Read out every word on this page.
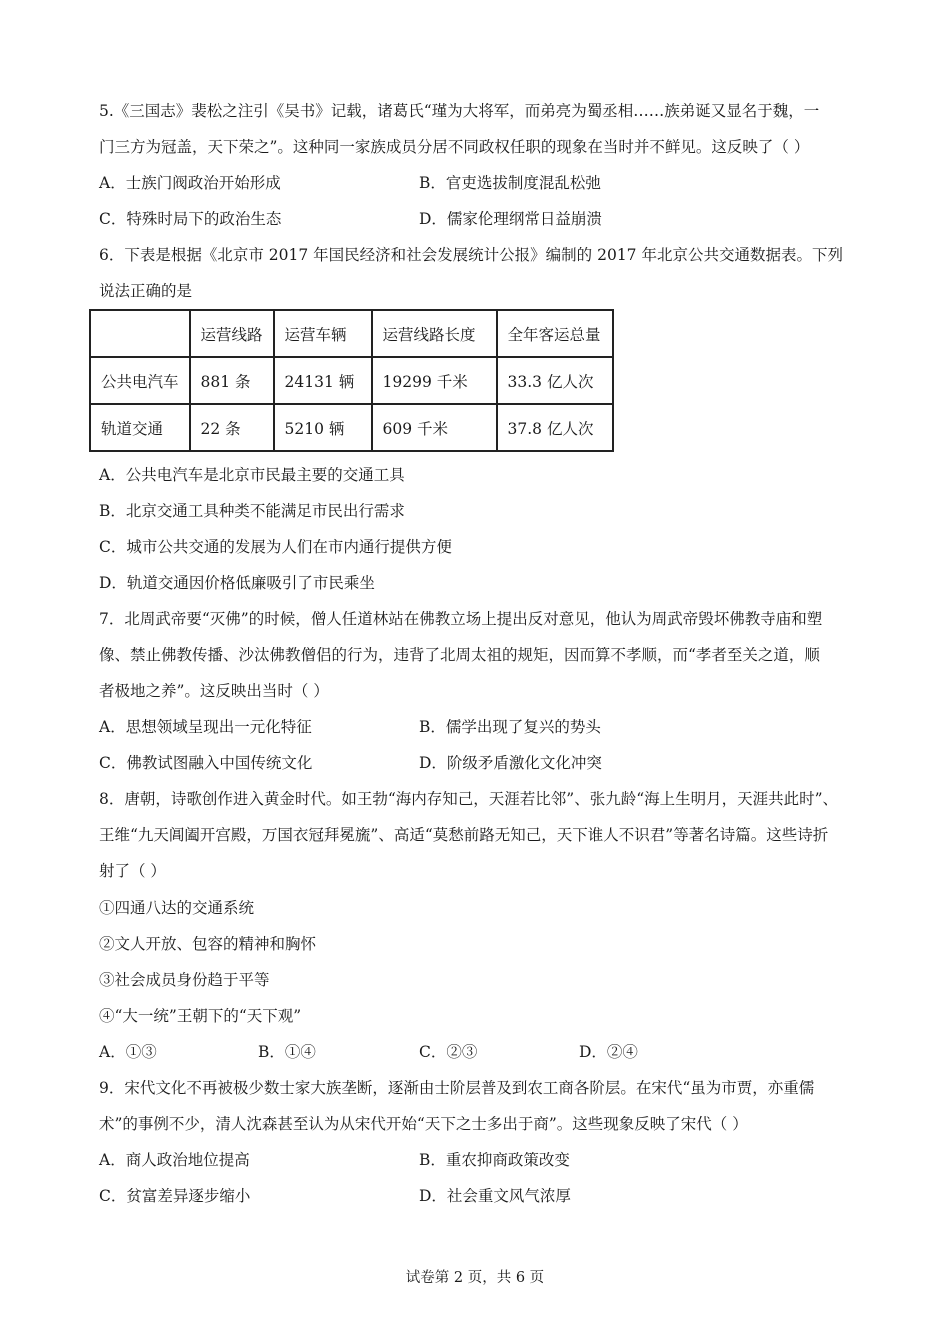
5.《三国志》裴松之注引《吴书》记载，诸葛氏“瑾为大将军，而弟亮为蜀丞相……族弟诞又显名于魏，一
门三方为冠盖，天下荣之”。这种同一家族成员分居不同政权任职的现象在当时并不鲜见。这反映了（ ）
A．士族门阀政治开始形成	B．官吏选拔制度混乱松弛
C．特殊时局下的政治生态	D．儒家伦理纲常日益崩溃
6．下表是根据《北京市 2017 年国民经济和社会发展统计公报》编制的 2017 年北京公共交通数据表。下列
说法正确的是
	运营线路	运营车辆	运营线路长度	全年客运总量
公共电汽车	881 条	24131 辆	19299 千米	33.3 亿人次
轨道交通	22 条	5210 辆	609 千米	37.8 亿人次
A．公共电汽车是北京市民最主要的交通工具
B．北京交通工具种类不能满足市民出行需求
C．城市公共交通的发展为人们在市内通行提供方便
D．轨道交通因价格低廉吸引了市民乘坐
7．北周武帝要“灭佛”的时候，僧人任道林站在佛教立场上提出反对意见，他认为周武帝毁坏佛教寺庙和塑
像、禁止佛教传播、沙汰佛教僧侣的行为，违背了北周太祖的规矩，因而算不孝顺，而“孝者至关之道，顺
者极地之养”。这反映出当时（ ）
A．思想领域呈现出一元化特征	B．儒学出现了复兴的势头
C．佛教试图融入中国传统文化	D．阶级矛盾激化文化冲突
8．唐朝，诗歌创作进入黄金时代。如王勃“海内存知己，天涯若比邻”、张九龄“海上生明月，天涯共此时”、
王维“九天阊阖开宫殿，万国衣冠拜冕旒”、高适“莫愁前路无知己，天下谁人不识君”等著名诗篇。这些诗折
射了（ ）
①四通八达的交通系统
②文人开放、包容的精神和胸怀
③社会成员身份趋于平等
④“大一统”王朝下的“天下观”
A．①③	B．①④	C．②③	D．②④
9．宋代文化不再被极少数士家大族垄断，逐渐由士阶层普及到农工商各阶层。在宋代“虽为市贾，亦重儒
术”的事例不少，清人沈森甚至认为从宋代开始“天下之士多出于商”。这些现象反映了宋代（ ）
A．商人政治地位提高	B．重农抑商政策改变
C．贫富差异逐步缩小	D．社会重文风气浓厚
试卷第 2 页，共 6 页
